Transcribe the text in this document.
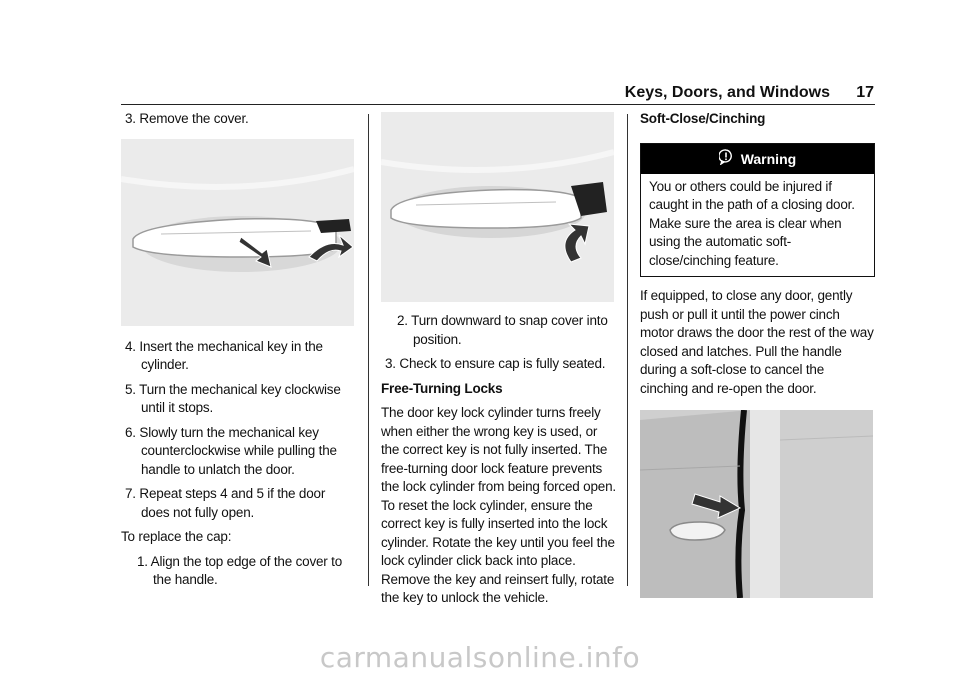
Keys, Doors, and Windows 17

3. Remove the cover.

4. Insert the mechanical key in the cylinder.

5. Turn the mechanical key clockwise until it stops.

6. Slowly turn the mechanical key counterclockwise while pulling the handle to unlatch the door.

7. Repeat steps 4 and 5 if the door does not fully open.

To replace the cap:

1. Align the top edge of the cover to the handle.

2. Turn downward to snap cover into position.

3. Check to ensure cap is fully seated.

Free-Turning Locks

The door key lock cylinder turns freely when either the wrong key is used, or the correct key is not fully inserted. The free-turning door lock feature prevents the lock cylinder from being forced open. To reset the lock cylinder, ensure the correct key is fully inserted into the lock cylinder. Rotate the key until you feel the lock cylinder click back into place. Remove the key and reinsert fully, rotate the key to unlock the vehicle.

Soft-Close/Cinching

Warning
You or others could be injured if caught in the path of a closing door. Make sure the area is clear when using the automatic soft-close/cinching feature.

If equipped, to close any door, gently push or pull it until the power cinch motor draws the door the rest of the way closed and latches. Pull the handle during a soft-close to cancel the cinching and re-open the door.

carmanualsonline.info
